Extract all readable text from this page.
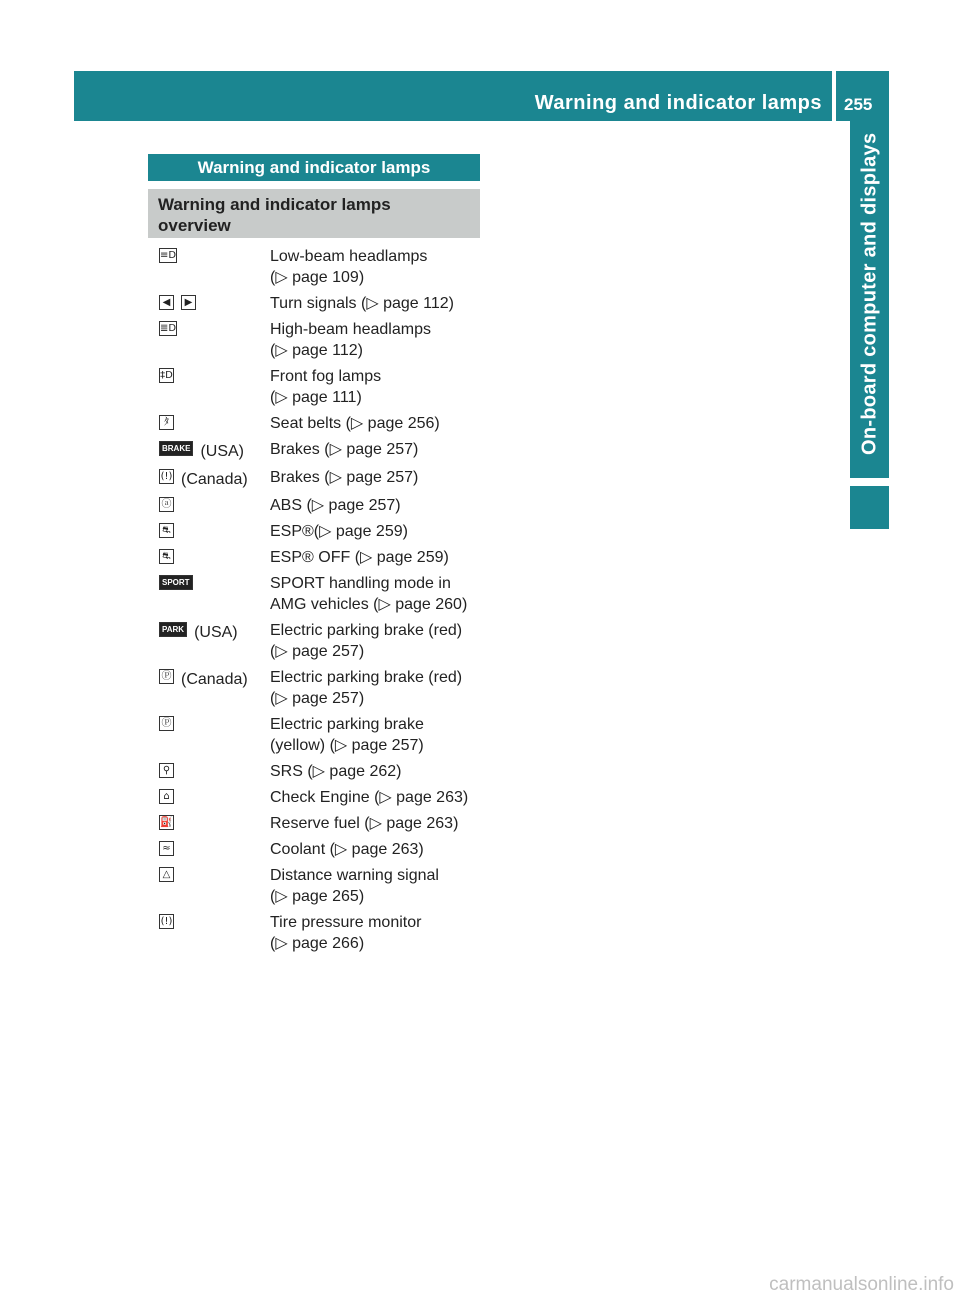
Warning and indicator lamps 255
On-board computer and displays
Warning and indicator lamps
Warning and indicator lamps
overview
≡D	Low-beam headlamps
(▷ page 109)
◀	▶	Turn signals (▷ page 112)
≣D	High-beam headlamps
(▷ page 112)
‡D	Front fog lamps
(▷ page 111)
ﾀ	Seat belts (▷ page 256)
BRAKE (USA) Brakes (▷ page 257)
(!) (Canada) Brakes (▷ page 257)
ⓐ	ABS (▷ page 257)
⛐	ESP®(▷ page 259)
⛐	ESP® OFF (▷ page 259)
SPORT	SPORT handling mode in
AMG vehicles (▷ page 260)
PARK (USA) Electric parking brake (red)
(▷ page 257)
Ⓟ (Canada) Electric parking brake (red)
(▷ page 257)
Ⓟ	Electric parking brake
(yellow) (▷ page 257)
⚲	SRS (▷ page 262)
⌂	Check Engine (▷ page 263)
⛽	Reserve fuel (▷ page 263)
≈	Coolant (▷ page 263)
△	Distance warning signal
(▷ page 265)
(!)	Tire pressure monitor
(▷ page 266)
carmanualsonline.info
